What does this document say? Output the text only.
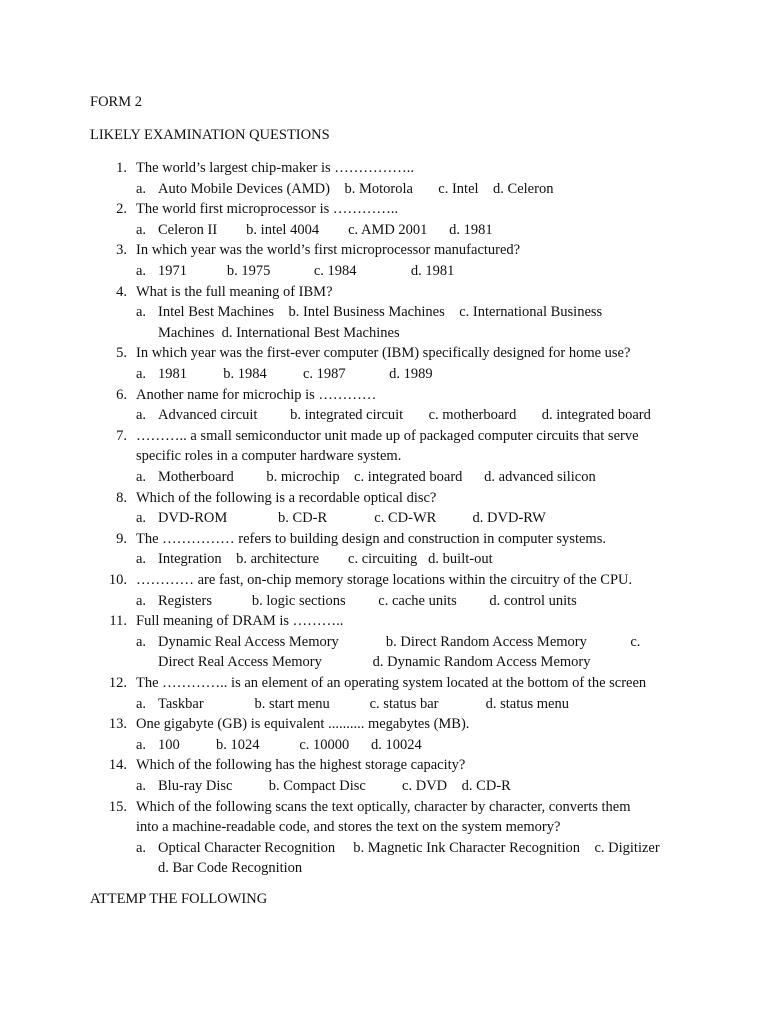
FORM 2
LIKELY EXAMINATION QUESTIONS
1. The world’s largest chip-maker is ……………..
a. Auto Mobile Devices (AMD)    b. Motorola       c. Intel    d. Celeron
2. The world first microprocessor is …………..
a. Celeron II        b. intel 4004        c. AMD 2001      d. 1981
3. In which year was the world’s first microprocessor manufactured?
a. 1971           b. 1975            c. 1984               d. 1981
4. What is the full meaning of IBM?
a. Intel Best Machines    b. Intel Business Machines    c. International Business
Machines  d. International Best Machines
5. In which year was the first-ever computer (IBM) specifically designed for home use?
a. 1981          b. 1984          c. 1987            d. 1989
6. Another name for microchip is …………
a. Advanced circuit         b. integrated circuit       c. motherboard       d. integrated board
7. ……….. a small semiconductor unit made up of packaged computer circuits that serve
specific roles in a computer hardware system.
a. Motherboard         b. microchip    c. integrated board      d. advanced silicon
8. Which of the following is a recordable optical disc?
a. DVD-ROM              b. CD-R             c. CD-WR          d. DVD-RW
9. The …………… refers to building design and construction in computer systems.
a. Integration    b. architecture        c. circuiting   d. built-out
10. ………… are fast, on-chip memory storage locations within the circuitry of the CPU.
a. Registers           b. logic sections         c. cache units         d. control units
11. Full meaning of DRAM is ………..
a. Dynamic Real Access Memory             b. Direct Random Access Memory            c.
Direct Real Access Memory              d. Dynamic Random Access Memory
12. The ………….. is an element of an operating system located at the bottom of the screen
a. Taskbar              b. start menu           c. status bar             d. status menu
13. One gigabyte (GB) is equivalent .......... megabytes (MB).
a. 100          b. 1024           c. 10000      d. 10024
14. Which of the following has the highest storage capacity?
a. Blu-ray Disc          b. Compact Disc          c. DVD    d. CD-R
15. Which of the following scans the text optically, character by character, converts them
into a machine-readable code, and stores the text on the system memory?
a. Optical Character Recognition     b. Magnetic Ink Character Recognition    c. Digitizer
d. Bar Code Recognition
ATTEMP THE FOLLOWING
